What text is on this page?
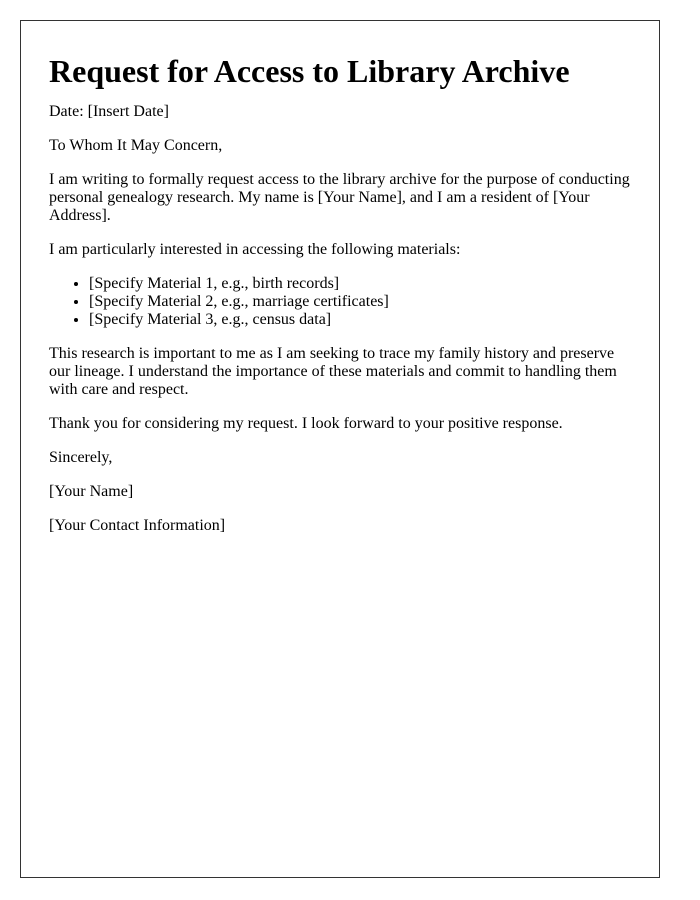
Request for Access to Library Archive

Date: [Insert Date]

To Whom It May Concern,

I am writing to formally request access to the library archive for the purpose of conducting personal genealogy research. My name is [Your Name], and I am a resident of [Your Address].

I am particularly interested in accessing the following materials:

• [Specify Material 1, e.g., birth records]
• [Specify Material 2, e.g., marriage certificates]
• [Specify Material 3, e.g., census data]

This research is important to me as I am seeking to trace my family history and preserve our lineage. I understand the importance of these materials and commit to handling them with care and respect.

Thank you for considering my request. I look forward to your positive response.

Sincerely,

[Your Name]

[Your Contact Information]
